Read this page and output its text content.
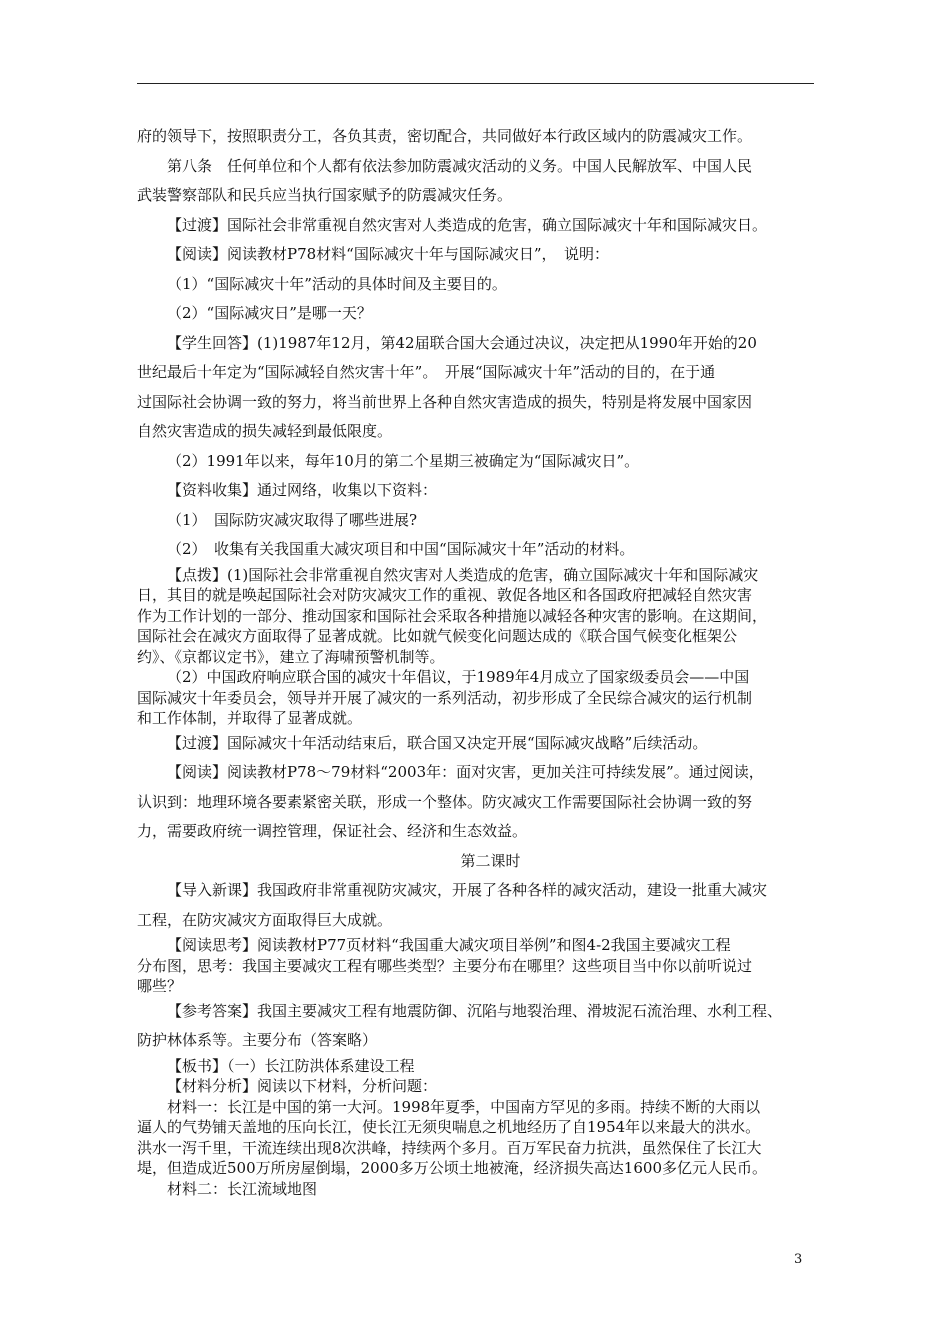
府的领导下，按照职责分工，各负其责，密切配合，共同做好本行政区域内的防震减灾工作。

第八条　任何单位和个人都有依法参加防震减灾活动的义务。中国人民解放军、中国人民

武装警察部队和民兵应当执行国家赋予的防震减灾任务。

【过渡】国际社会非常重视自然灾害对人类造成的危害，确立国际减灾十年和国际减灾日。

【阅读】阅读教材P78材料“国际减灾十年与国际减灾日”，　说明：

（1）“国际减灾十年”活动的具体时间及主要目的。

（2）“国际减灾日”是哪一天？

【学生回答】(1)1987年12月，第42届联合国大会通过决议，决定把从1990年开始的20

世纪最后十年定为“国际减轻自然灾害十年”。　开展“国际减灾十年”活动的目的，在于通

过国际社会协调一致的努力，将当前世界上各种自然灾害造成的损失，特别是将发展中国家因

自然灾害造成的损失减轻到最低限度。

（2）1991年以来，每年10月的第二个星期三被确定为“国际减灾日”。

【资料收集】通过网络，收集以下资料：

（1）　国际防灾减灾取得了哪些进展?

（2）　收集有关我国重大减灾项目和中国“国际减灾十年”活动的材料。

【点拨】(1)国际社会非常重视自然灾害对人类造成的危害，确立国际减灾十年和国际减灾

日，其目的就是唤起国际社会对防灾减灾工作的重视、敦促各地区和各国政府把减轻自然灾害

作为工作计划的一部分、推动国家和国际社会采取各种措施以减轻各种灾害的影响。在这期间，

国际社会在减灾方面取得了显著成就。比如就气候变化问题达成的《联合国气候变化框架公

约》、《京都议定书》，建立了海啸预警机制等。

（2）中国政府响应联合国的减灾十年倡议，于1989年4月成立了国家级委员会——中国

国际减灾十年委员会，领导并开展了减灾的一系列活动，初步形成了全民综合减灾的运行机制

和工作体制，并取得了显著成就。

【过渡】国际减灾十年活动结束后，联合国又决定开展“国际减灾战略”后续活动。

【阅读】阅读教材P78～79材料“2003年：面对灾害，更加关注可持续发展”。通过阅读，

认识到：地理环境各要素紧密关联，形成一个整体。防灾减灾工作需要国际社会协调一致的努

力，需要政府统一调控管理，保证社会、经济和生态效益。

第二课时

【导入新课】我国政府非常重视防灾减灾，开展了各种各样的减灾活动，建设一批重大减灾

工程，在防灾减灾方面取得巨大成就。

【阅读思考】阅读教材P77页材料“我国重大减灾项目举例”和图4-2我国主要减灾工程

分布图，思考：我国主要减灾工程有哪些类型？主要分布在哪里？这些项目当中你以前听说过

哪些？

【参考答案】我国主要减灾工程有地震防御、沉陷与地裂治理、滑坡泥石流治理、水利工程、

防护林体系等。主要分布（答案略）

【板书】（一）长江防洪体系建设工程

【材料分析】阅读以下材料，分析问题：

材料一：长江是中国的第一大河。1998年夏季，中国南方罕见的多雨。持续不断的大雨以

逼人的气势铺天盖地的压向长江，使长江无须臾喘息之机地经历了自1954年以来最大的洪水。

洪水一泻千里，干流连续出现8次洪峰，持续两个多月。百万军民奋力抗洪，虽然保住了长江大

堤，但造成近500万所房屋倒塌，2000多万公顷土地被淹，经济损失高达1600多亿元人民币。

材料二：长江流域地图

3
